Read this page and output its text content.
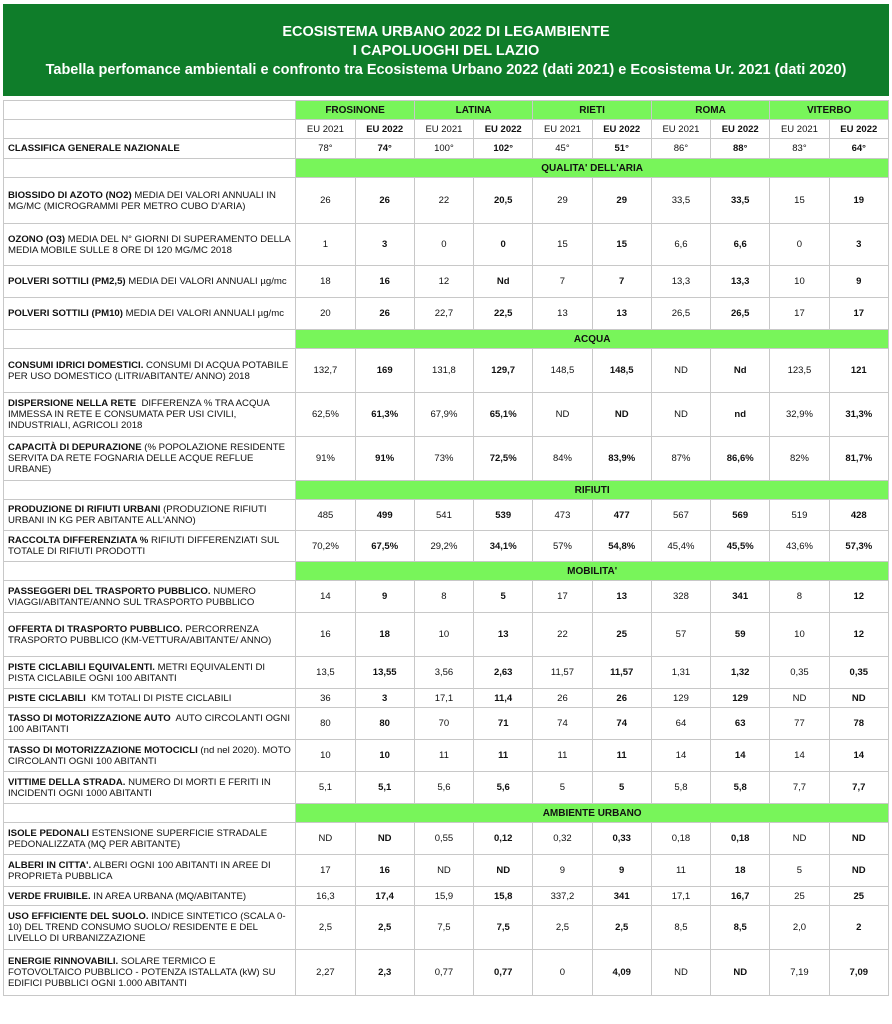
ECOSISTEMA URBANO 2022 DI LEGAMBIENTE
I CAPOLUOGHI DEL LAZIO
Tabella perfomance ambientali e confronto tra Ecosistema Urbano 2022 (dati 2021) e Ecosistema Ur. 2021 (dati 2020)
	FROSINONE		LATINA		RIETI		ROMA		VITERBO	
	EU 2021	EU 2022	EU 2021	EU 2022	EU 2021	EU 2022	EU 2021	EU 2022	EU 2021	EU 2022
CLASSIFICA GENERALE NAZIONALE	78°	74°	100°	102°	45°	51°	86°	88°	83°	64°
	QUALITA' DELL'ARIA									
BIOSSIDO DI AZOTO (NO2) MEDIA DEI VALORI ANNUALI IN MG/MC (MICROGRAMMI PER METRO CUBO D'ARIA)	26	26	22	20,5	29	29	33,5	33,5	15	19
OZONO (O3) MEDIA DEL N° GIORNI DI SUPERAMENTO DELLA MEDIA MOBILE SULLE 8 ORE DI 120 MG/MC 2018	1	3	0	0	15	15	6,6	6,6	0	3
POLVERI SOTTILI (PM2,5) MEDIA DEI VALORI ANNUALI µg/mc	18	16	12	Nd	7	7	13,3	13,3	10	9
POLVERI SOTTILI (PM10) MEDIA DEI VALORI ANNUALI µg/mc	20	26	22,7	22,5	13	13	26,5	26,5	17	17
	ACQUA									
CONSUMI IDRICI DOMESTICI. CONSUMI DI ACQUA POTABILE PER USO DOMESTICO (LITRI/ABITANTE/ ANNO) 2018	132,7	169	131,8	129,7	148,5	148,5	ND	Nd	123,5	121
DISPERSIONE NELLA RETE  DIFFERENZA % TRA ACQUA IMMESSA IN RETE E CONSUMATA PER USI CIVILI, INDUSTRIALI, AGRICOLI 2018	62,5%	61,3%	67,9%	65,1%	ND	ND	ND	nd	32,9%	31,3%
CAPACITÀ DI DEPURAZIONE (% POPOLAZIONE RESIDENTE SERVITA DA RETE FOGNARIA DELLE ACQUE REFLUE URBANE)	91%	91%	73%	72,5%	84%	83,9%	87%	86,6%	82%	81,7%
	RIFIUTI									
PRODUZIONE DI RIFIUTI URBANI (PRODUZIONE RIFIUTI URBANI IN KG PER ABITANTE ALL'ANNO)	485	499	541	539	473	477	567	569	519	428
RACCOLTA DIFFERENZIATA % RIFIUTI DIFFERENZIATI SUL TOTALE DI RIFIUTI PRODOTTI	70,2%	67,5%	29,2%	34,1%	57%	54,8%	45,4%	45,5%	43,6%	57,3%
	MOBILITA'									
PASSEGGERI DEL TRASPORTO PUBBLICO. NUMERO VIAGGI/ABITANTE/ANNO SUL TRASPORTO PUBBLICO	14	9	8	5	17	13	328	341	8	12
OFFERTA DI TRASPORTO PUBBLICO. PERCORRENZA TRASPORTO PUBBLICO (KM-VETTURA/ABITANTE/ ANNO)	16	18	10	13	22	25	57	59	10	12
PISTE CICLABILI EQUIVALENTI. METRI EQUIVALENTI DI PISTA CICLABILE OGNI 100 ABITANTI	13,5	13,55	3,56	2,63	11,57	11,57	1,31	1,32	0,35	0,35
PISTE CICLABILI  KM TOTALI DI PISTE CICLABILI	36	3	17,1	11,4	26	26	129	129	ND	ND
TASSO DI MOTORIZZAZIONE AUTO  AUTO CIRCOLANTI OGNI 100 ABITANTI	80	80	70	71	74	74	64	63	77	78
TASSO DI MOTORIZZAZIONE MOTOCICLI (nd nel 2020). MOTO CIRCOLANTI OGNI 100 ABITANTI	10	10	11	11	11	11	14	14	14	14
VITTIME DELLA STRADA. NUMERO DI MORTI E FERITI IN INCIDENTI OGNI 1000 ABITANTI	5,1	5,1	5,6	5,6	5	5	5,8	5,8	7,7	7,7
	AMBIENTE URBANO									
ISOLE PEDONALI ESTENSIONE SUPERFICIE STRADALE PEDONALIZZATA (MQ PER ABITANTE)	ND	ND	0,55	0,12	0,32	0,33	0,18	0,18	ND	ND
ALBERI IN CITTA'. ALBERI OGNI 100 ABITANTI IN AREE DI PROPRIETà PUBBLICA	17	16	ND	ND	9	9	11	18	5	ND
VERDE FRUIBILE. IN AREA URBANA (MQ/ABITANTE)	16,3	17,4	15,9	15,8	337,2	341	17,1	16,7	25	25
USO EFFICIENTE DEL SUOLO. INDICE SINTETICO (SCALA 0-10) DEL TREND CONSUMO SUOLO/ RESIDENTE E DEL LIVELLO DI URBANIZZAZIONE	2,5	2,5	7,5	7,5	2,5	2,5	8,5	8,5	2,0	2
ENERGIE RINNOVABILI. SOLARE TERMICO E FOTOVOLTAICO PUBBLICO - POTENZA ISTALLATA (kW) SU EDIFICI PUBBLICI OGNI 1.000 ABITANTI	2,27	2,3	0,77	0,77	0	4,09	ND	ND	7,19	7,09
